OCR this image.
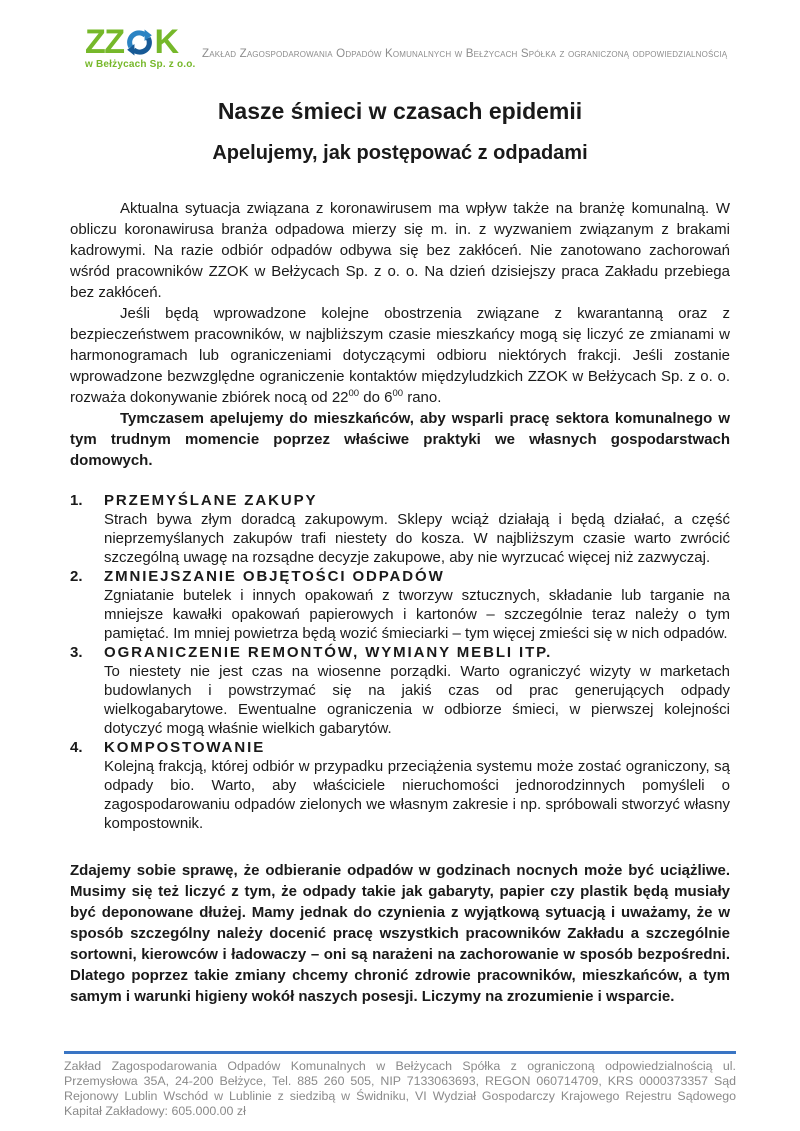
ZZ K
w Bełżycach Sp. z o.o.
Zakład Zagospodarowania Odpadów Komunalnych w Bełżycach Spółka z ograniczoną odpowiedzialnością
Nasze śmieci w czasach epidemii
Apelujemy, jak postępować z odpadami

Aktualna sytuacja związana z koronawirusem ma wpływ także na branżę komunalną. W obliczu koronawirusa branża odpadowa mierzy się m. in. z wyzwaniem związanym z brakami kadrowymi. Na razie odbiór odpadów odbywa się bez zakłóceń. Nie zanotowano zachorowań wśród pracowników ZZOK w Bełżycach Sp. z o. o. Na dzień dzisiejszy praca Zakładu przebiega bez zakłóceń.

Jeśli będą wprowadzone kolejne obostrzenia związane z kwarantanną oraz z bezpieczeństwem pracowników, w najbliższym czasie mieszkańcy mogą się liczyć ze zmianami w harmonogramach lub ograniczeniami dotyczącymi odbioru niektórych frakcji. Jeśli zostanie wprowadzone bezwzględne ograniczenie kontaktów międzyludzkich ZZOK w Bełżycach Sp. z o. o. rozważa dokonywanie zbiórek nocą od $22^{00}$ do $6^{00}$ rano.

Tymczasem apelujemy do mieszkańców, aby wsparli pracę sektora komunalnego w tym trudnym momencie poprzez właściwe praktyki we własnych gospodarstwach domowych.

1.	PRZEMYŚLANE ZAKUPY
Strach bywa złym doradcą zakupowym. Sklepy wciąż działają i będą działać, a część nieprzemyślanych zakupów trafi niestety do kosza. W najbliższym czasie warto zwrócić szczególną uwagę na rozsądne decyzje zakupowe, aby nie wyrzucać więcej niż zazwyczaj.
2.	ZMNIEJSZANIE OBJĘTOŚCI ODPADÓW
Zgniatanie butelek i innych opakowań z tworzyw sztucznych, składanie lub targanie na mniejsze kawałki opakowań papierowych i kartonów – szczególnie teraz należy o tym pamiętać. Im mniej powietrza będą wozić śmieciarki – tym więcej zmieści się w nich odpadów.
3.	OGRANICZENIE REMONTÓW, WYMIANY MEBLI ITP.
To niestety nie jest czas na wiosenne porządki. Warto ograniczyć wizyty w marketach budowlanych i powstrzymać się na jakiś czas od prac generujących odpady wielkogabarytowe. Ewentualne ograniczenia w odbiorze śmieci, w pierwszej kolejności dotyczyć mogą właśnie wielkich gabarytów.
4.	KOMPOSTOWANIE
Kolejną frakcją, której odbiór w przypadku przeciążenia systemu może zostać ograniczony, są odpady bio. Warto, aby właściciele nieruchomości jednorodzinnych pomyśleli o zagospodarowaniu odpadów zielonych we własnym zakresie i np. spróbowali stworzyć własny kompostownik.

Zdajemy sobie sprawę, że odbieranie odpadów w godzinach nocnych może być uciążliwe. Musimy się też liczyć z tym, że odpady takie jak gabaryty, papier czy plastik będą musiały być deponowane dłużej. Mamy jednak do czynienia z wyjątkową sytuacją i uważamy, że w sposób szczególny należy docenić pracę wszystkich pracowników Zakładu a szczególnie sortowni, kierowców i ładowaczy – oni są narażeni na zachorowanie w sposób bezpośredni. Dlatego poprzez takie zmiany chcemy chronić zdrowie pracowników, mieszkańców, a tym samym i warunki higieny wokół naszych posesji. Liczymy na zrozumienie i wsparcie.

Zakład Zagospodarowania Odpadów Komunalnych w Bełżycach Spółka z ograniczoną odpowiedzialnością ul. Przemysłowa 35A, 24-200 Bełżyce, Tel. 885 260 505, NIP 7133063693, REGON 060714709, KRS 0000373357 Sąd Rejonowy Lublin Wschód w Lublinie z siedzibą w Świdniku, VI Wydział Gospodarczy Krajowego Rejestru Sądowego Kapitał Zakładowy: 605.000.00 zł
